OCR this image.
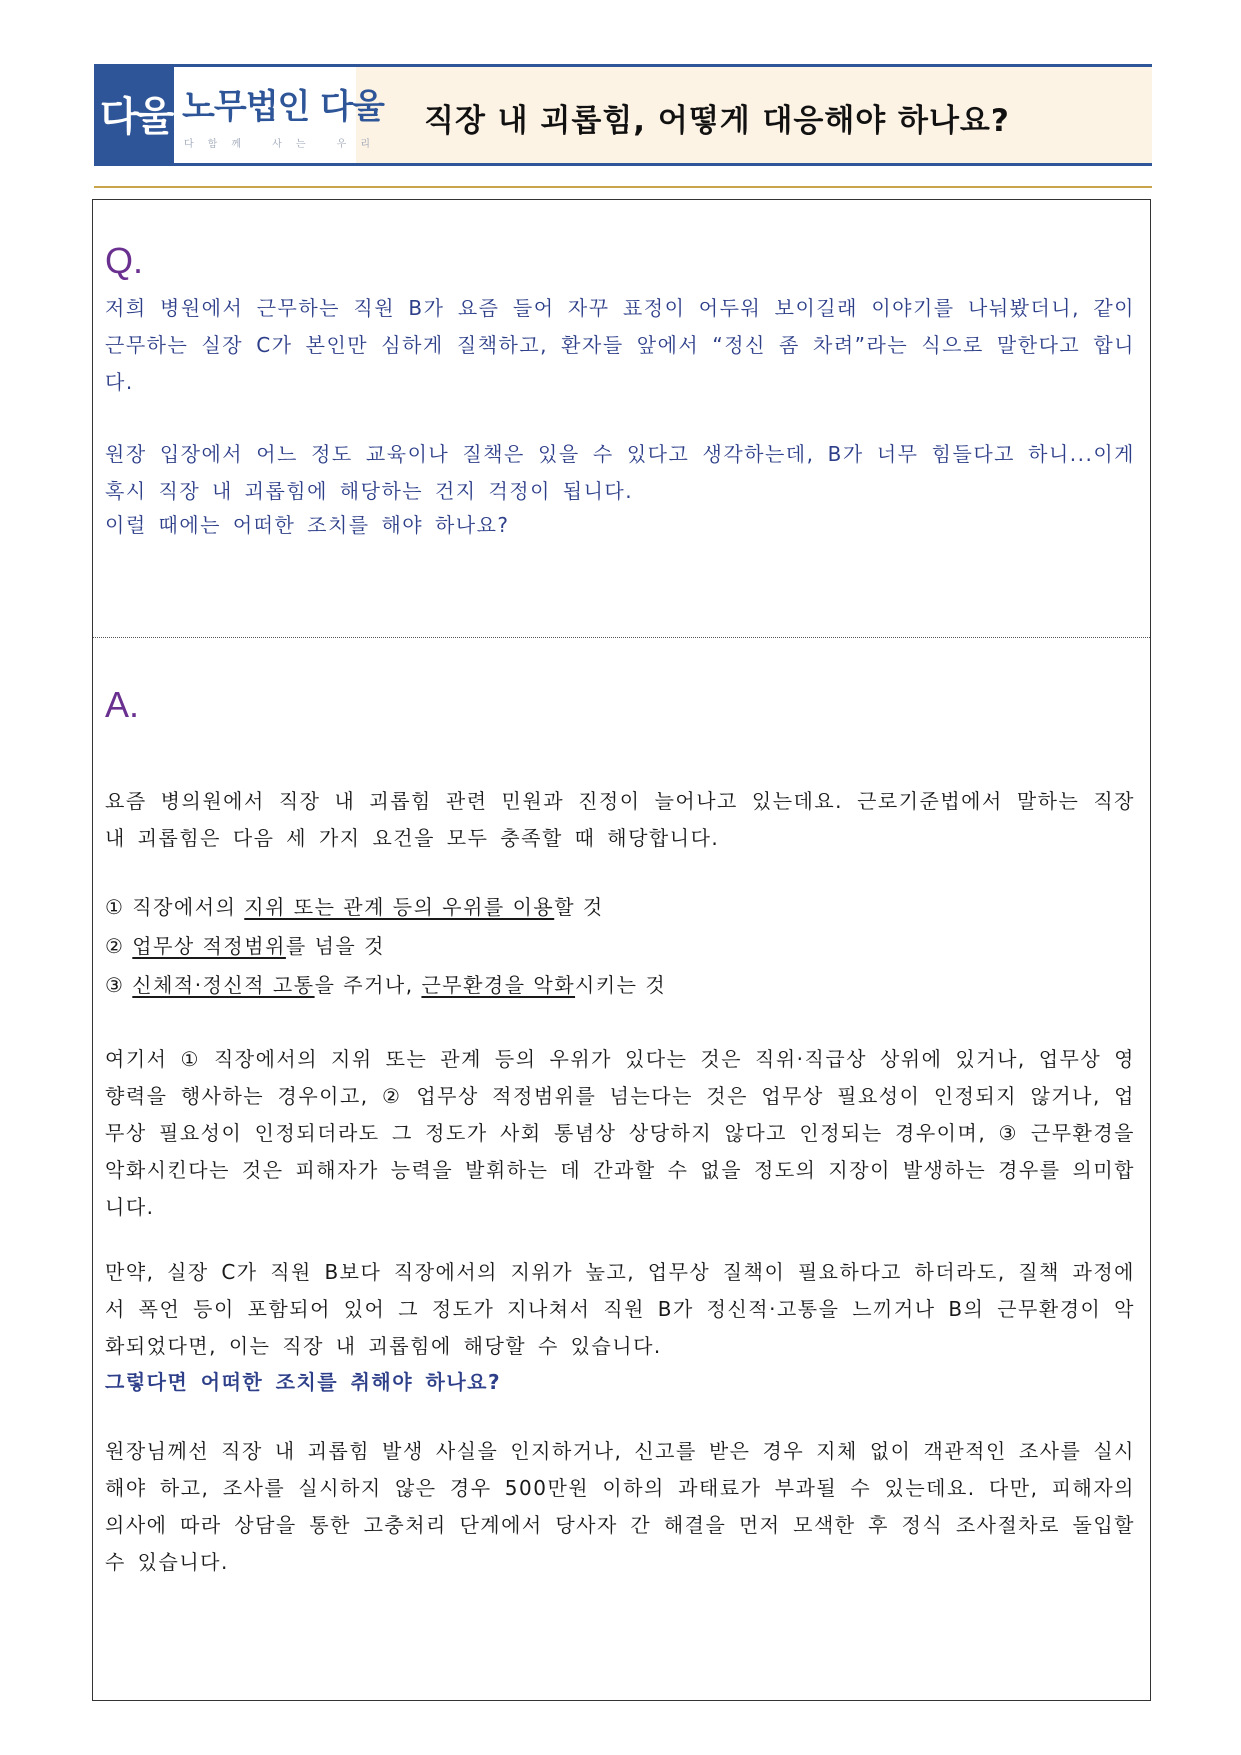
다울 노무법인 다울
다함께 사는 우리
직장 내 괴롭힘, 어떻게 대응해야 하나요?
Q.
저희 병원에서 근무하는 직원 B가 요즘 들어 자꾸 표정이 어두워 보이길래 이야기를 나눠봤더니, 같이 근무하는 실장 C가 본인만 심하게 질책하고, 환자들 앞에서 “정신 좀 차려”라는 식으로 말한다고 합니다.
원장 입장에서 어느 정도 교육이나 질책은 있을 수 있다고 생각하는데, B가 너무 힘들다고 하니...이게 혹시 직장 내 괴롭힘에 해당하는 건지 걱정이 됩니다.
이럴 때에는 어떠한 조치를 해야 하나요?
A.
요즘 병의원에서 직장 내 괴롭힘 관련 민원과 진정이 늘어나고 있는데요. 근로기준법에서 말하는 직장 내 괴롭힘은 다음 세 가지 요건을 모두 충족할 때 해당합니다.
① 직장에서의 지위 또는 관계 등의 우위를 이용할 것
② 업무상 적정범위를 넘을 것
③ 신체적·정신적 고통을 주거나, 근무환경을 악화시키는 것
여기서 ① 직장에서의 지위 또는 관계 등의 우위가 있다는 것은 직위·직급상 상위에 있거나, 업무상 영향력을 행사하는 경우이고, ② 업무상 적정범위를 넘는다는 것은 업무상 필요성이 인정되지 않거나, 업무상 필요성이 인정되더라도 그 정도가 사회 통념상 상당하지 않다고 인정되는 경우이며, ③ 근무환경을 악화시킨다는 것은 피해자가 능력을 발휘하는 데 간과할 수 없을 정도의 지장이 발생하는 경우를 의미합니다.
만약, 실장 C가 직원 B보다 직장에서의 지위가 높고, 업무상 질책이 필요하다고 하더라도, 질책 과정에서 폭언 등이 포함되어 있어 그 정도가 지나쳐서 직원 B가 정신적·고통을 느끼거나 B의 근무환경이 악화되었다면, 이는 직장 내 괴롭힘에 해당할 수 있습니다.
그렇다면 어떠한 조치를 취해야 하나요?
원장님께선 직장 내 괴롭힘 발생 사실을 인지하거나, 신고를 받은 경우 지체 없이 객관적인 조사를 실시해야 하고, 조사를 실시하지 않은 경우 500만원 이하의 과태료가 부과될 수 있는데요. 다만, 피해자의 의사에 따라 상담을 통한 고충처리 단계에서 당사자 간 해결을 먼저 모색한 후 정식 조사절차로 돌입할 수 있습니다.
